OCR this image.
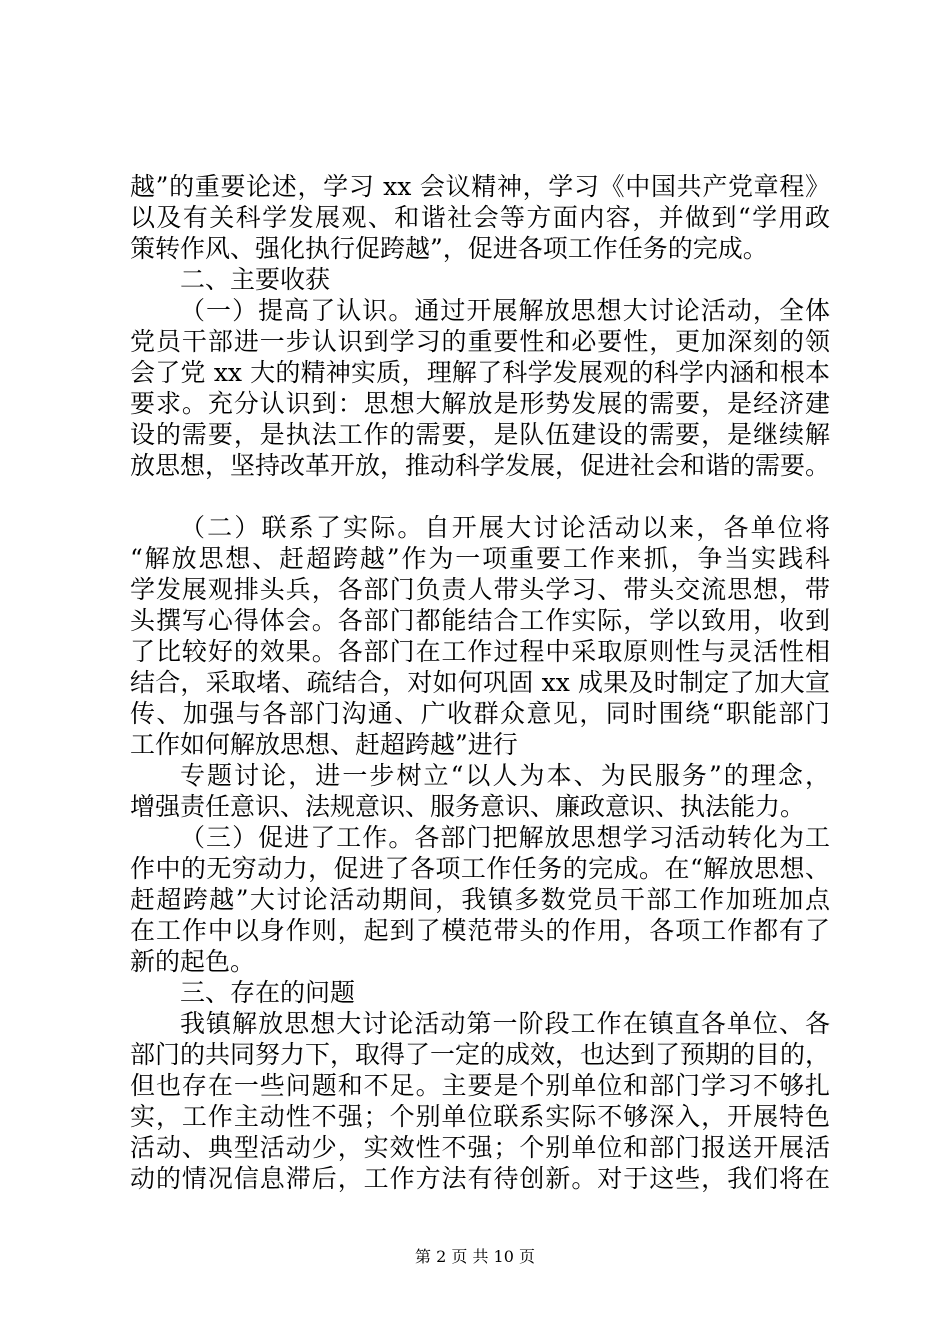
越”的重要论述，学习 xx 会议精神，学习《中国共产党章程》
以及有关科学发展观、和谐社会等方面内容，并做到“学用政
策转作风、强化执行促跨越”，促进各项工作任务的完成。
二、主要收获
（一）提高了认识。通过开展解放思想大讨论活动，全体
党员干部进一步认识到学习的重要性和必要性，更加深刻的领
会了党 xx 大的精神实质，理解了科学发展观的科学内涵和根本
要求。充分认识到：思想大解放是形势发展的需要，是经济建
设的需要，是执法工作的需要，是队伍建设的需要，是继续解
放思想，坚持改革开放，推动科学发展，促进社会和谐的需要。
（二）联系了实际。自开展大讨论活动以来，各单位将
“解放思想、赶超跨越”作为一项重要工作来抓，争当实践科
学发展观排头兵，各部门负责人带头学习、带头交流思想，带
头撰写心得体会。各部门都能结合工作实际，学以致用，收到
了比较好的效果。各部门在工作过程中采取原则性与灵活性相
结合，采取堵、疏结合，对如何巩固 xx 成果及时制定了加大宣
传、加强与各部门沟通、广收群众意见，同时围绕“职能部门
工作如何解放思想、赶超跨越”进行
专题讨论，进一步树立“以人为本、为民服务”的理念，
增强责任意识、法规意识、服务意识、廉政意识、执法能力。
（三）促进了工作。各部门把解放思想学习活动转化为工
作中的无穷动力，促进了各项工作任务的完成。在“解放思想、
赶超跨越”大讨论活动期间，我镇多数党员干部工作加班加点
在工作中以身作则，起到了模范带头的作用，各项工作都有了
新的起色。
三、存在的问题
我镇解放思想大讨论活动第一阶段工作在镇直各单位、各
部门的共同努力下，取得了一定的成效，也达到了预期的目的，
但也存在一些问题和不足。主要是个别单位和部门学习不够扎
实，工作主动性不强；个别单位联系实际不够深入，开展特色
活动、典型活动少，实效性不强；个别单位和部门报送开展活
动的情况信息滞后，工作方法有待创新。对于这些，我们将在
第 2 页 共 10 页
